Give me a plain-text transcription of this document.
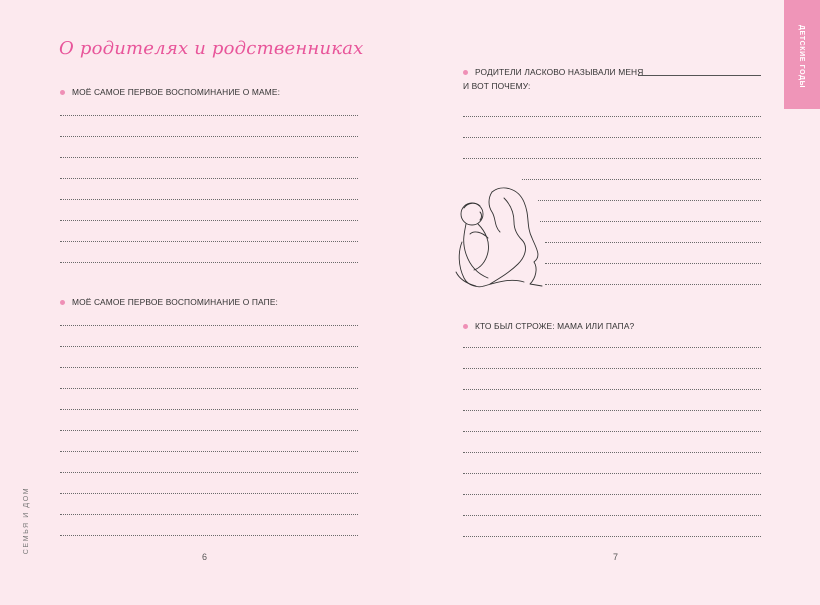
О родителях и родственниках
МОЁ САМОЕ ПЕРВОЕ ВОСПОМИНАНИЕ О МАМЕ:
МОЁ САМОЕ ПЕРВОЕ ВОСПОМИНАНИЕ О ПАПЕ:
6
СЕМЬЯ И ДОМ
ДЕТСКИЕ ГОДЫ
РОДИТЕЛИ ЛАСКОВО НАЗЫВАЛИ МЕНЯ
И ВОТ ПОЧЕМУ:
КТО БЫЛ СТРОЖЕ: МАМА ИЛИ ПАПА?
7
